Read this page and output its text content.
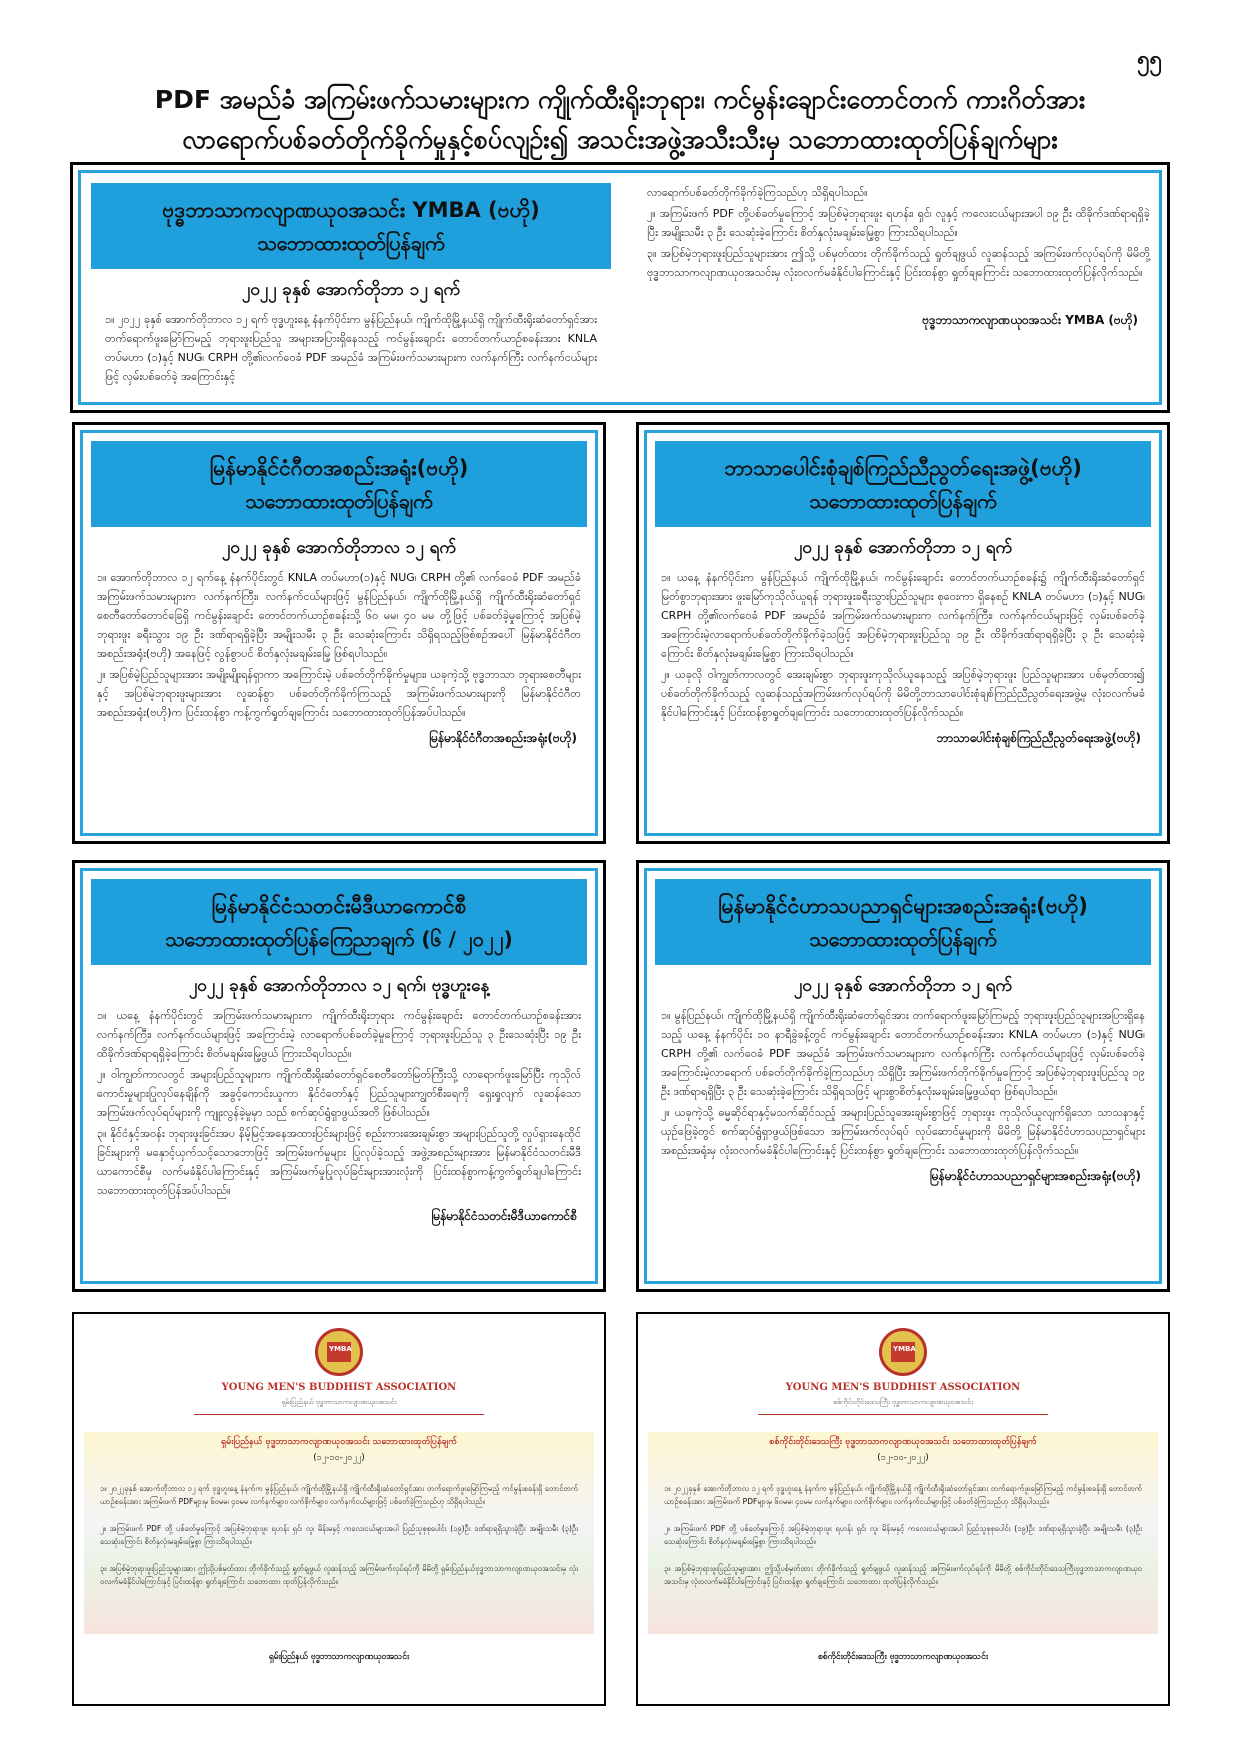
၅၅
PDF အမည်ခံ အကြမ်းဖက်သမားများက ကျိုက်ထီးရိုးဘုရား၊ ကင်မွန်းချောင်းတောင်တက် ကားဂိတ်အား
လာရောက်ပစ်ခတ်တိုက်ခိုက်မှုနှင့်စပ်လျဉ်း၍ အသင်းအဖွဲ့အသီးသီးမှ သဘောထားထုတ်ပြန်ချက်များ
ဗုဒ္ဓဘာသာကလျာဏယုဝအသင်း YMBA (ဗဟို)
သဘောထားထုတ်ပြန်ချက်
၂၀၂၂ ခုနှစ် အောက်တိုဘာ ၁၂ ရက်

၁။ ၂၀၂၂ ခုနှစ် အောက်တိုဘာလ ၁၂ ရက် ဗုဒ္ဓဟူးနေ့ နံနက်ပိုင်းက မွန်ပြည်နယ်၊ ကျိုက်ထိုမြို့နယ်ရှိ ကျိုက်ထီးရိုးဆံတော်ရှင်အား တက်ရောက်ဖူးမြော်ကြမည့် ဘုရားဖူးပြည်သူ အများအပြားရှိနေသည့် ကင်မွန်းချောင်း တောင်တက်ယာဉ်စခန်းအား KNLA တပ်မဟာ (၁)နှင့် NUG၊ CRPH တို့၏လက်ဝေခံ PDF အမည်ခံ အကြမ်းဖက်သမားများက လက်နက်ကြီး လက်နက်ငယ်များဖြင့် လှမ်းပစ်ခတ်ခဲ့ အကြောင်းနှင့်

လာရောက်ပစ်ခတ်တိုက်ခိုက်ခဲ့ကြသည်ဟု သိရှိရပါသည်။

၂။ အကြမ်းဖက် PDF တို့ပစ်ခတ်မှုကြောင့် အပြစ်မဲ့ဘုရားဖူး ရဟန်း၊ ရှင်၊ လူနှင့် ကလေးငယ်များအပါ ၁၉ ဦး ထိခိုက်ဒဏ်ရာရရှိခဲ့ပြီး အမျိုးသမီး ၃ ဦး သေဆုံးခဲ့ကြောင်း စိတ်နှလုံးမချမ်းမြေ့စွာ ကြားသိရပါသည်။

၃။ အပြစ်မဲ့ဘုရားဖူးပြည်သူများအား ဤသို့ ပစ်မှတ်ထား တိုက်ခိုက်သည့် ရှုတ်ချဖွယ် လူဆန်သည့် အကြမ်းဖက်လုပ်ရပ်ကို မိမိတို့ဗုဒ္ဓဘာသာကလျာဏယုဝအသင်းမှ လုံးဝလက်မခံနိုင်ပါကြောင်းနှင့် ပြင်းထန်စွာ ရှုတ်ချကြောင်း သဘောထားထုတ်ပြန်လိုက်သည်။

ဗုဒ္ဓဘာသာကလျာဏယုဝအသင်း YMBA (ဗဟို)
မြန်မာနိုင်ငံဂီတအစည်းအရုံး(ဗဟို)
သဘောထားထုတ်ပြန်ချက်
၂၀၂၂ ခုနှစ် အောက်တိုဘာလ ၁၂ ရက်

၁။ အောက်တိုဘာလ ၁၂ ရက်နေ့ နံနက်ပိုင်းတွင် KNLA တပ်မဟာ(၁)နှင့် NUG၊ CRPH တို့၏ လက်ဝေခံ PDF အမည်ခံ အကြမ်းဖက်သမားများက လက်နက်ကြီး၊ လက်နက်ငယ်များဖြင့် မွန်ပြည်နယ်၊ ကျိုက်ထိုမြို့နယ်ရှိ ကျိုက်ထီးရိုးဆံတော်ရှင်စေတီတော်တောင်ခြေရှိ ကင်မွန်းချောင်း တောင်တက်ယာဉ်စခန်းသို့ ၆၀ မမ၊ ၄၀ မမ တို့ဖြင့် ပစ်ခတ်ခဲ့မှုကြောင့် အပြစ်မဲ့ ဘုရားဖူး ခရီးသွား ၁၉ ဦး ဒဏ်ရာရရှိခဲ့ပြီး အမျိုးသမီး ၃ ဦး သေဆုံးကြောင်း သိရှိရသည့်ဖြစ်စဉ်အပေါ် မြန်မာနိုင်ငံဂီတအစည်းအရုံး(ဗဟို) အနေဖြင့် လွန်စွာပင် စိတ်နှလုံးမချမ်းမြေ့ ဖြစ်ရပါသည်။

၂။ အပြစ်မဲ့ပြည်သူများအား အမျိုးမျိုးရန်ရှာကာ အကြောင်းမဲ့ ပစ်ခတ်တိုက်ခိုက်မှုများ၊ ယခုကဲ့သို့ ဗုဒ္ဓဘာသာ ဘုရားစေတီများနှင့် အပြစ်မဲ့ဘုရားဖူးများအား လူဆန်စွာ ပစ်ခတ်တိုက်ခိုက်ကြသည့် အကြမ်းဖက်သမားများကို မြန်မာနိုင်ငံဂီတအစည်းအရုံး(ဗဟို)က ပြင်းထန်စွာ ကန့်ကွက်ရှုတ်ချကြောင်း သဘောထားထုတ်ပြန်အပ်ပါသည်။

မြန်မာနိုင်ငံဂီတအစည်းအရုံး(ဗဟို)
ဘာသာပေါင်းစုံချစ်ကြည်ညီညွတ်ရေးအဖွဲ့(ဗဟို)
သဘောထားထုတ်ပြန်ချက်
၂၀၂၂ ခုနှစ် အောက်တိုဘာ ၁၂ ရက်

၁။ ယနေ့ နံနက်ပိုင်းက မွန်ပြည်နယ် ကျိုက်ထိုမြို့နယ်၊ ကင်မွန်းချောင်း တောင်တက်ယာဉ်စခန်း၌ ကျိုက်ထီးရိုးဆံတော်ရှင်မြတ်စွာဘုရားအား ဖူးမြော်ကုသိုလ်ယူရန် ဘုရားဖူးခရီးသွားပြည်သူများ စုဝေးကာ ရှိနေစဉ် KNLA တပ်မဟာ (၁)နှင့် NUG၊ CRPH တို့၏လက်ဝေခံ PDF အမည်ခံ အကြမ်းဖက်သမားများက လက်နက်ကြီး၊ လက်နက်ငယ်များဖြင့် လှမ်းပစ်ခတ်ခဲ့ အကြောင်းမဲ့လာရောက်ပစ်ခတ်တိုက်ခိုက်ခဲ့သဖြင့် အပြစ်မဲ့ဘုရားဖူးပြည်သူ ၁၉ ဦး ထိခိုက်ဒဏ်ရာရရှိခဲ့ပြီး ၃ ဦး သေဆုံးခဲ့ကြောင်း စိတ်နှလုံးမချမ်းမြေ့စွာ ကြားသိရပါသည်။

၂။ ယခုလို ဝါကျွတ်ကာလတွင် အေးချမ်းစွာ ဘုရားဖူးကုသိုလ်ယူနေသည့် အပြစ်မဲ့ဘုရားဖူး ပြည်သူများအား ပစ်မှတ်ထား၍ ပစ်ခတ်တိုက်ခိုက်သည့် လူဆန်သည့်အကြမ်းဖက်လုပ်ရပ်ကို မိမိတို့ဘာသာပေါင်းစုံချစ်ကြည်ညီညွတ်ရေးအဖွဲ့မှ လုံးဝလက်မခံနိုင်ပါကြောင်းနှင့် ပြင်းထန်စွာရှုတ်ချကြောင်း သဘောထားထုတ်ပြန်လိုက်သည်။

ဘာသာပေါင်းစုံချစ်ကြည်ညီညွတ်ရေးအဖွဲ့(ဗဟို)
မြန်မာနိုင်ငံသတင်းမီဒီယာကောင်စီ
သဘောထားထုတ်ပြန်ကြေညာချက် (၆ / ၂၀၂၂)
၂၀၂၂ ခုနှစ် အောက်တိုဘာလ ၁၂ ရက်၊ ဗုဒ္ဓဟူးနေ့

၁။ ယနေ့ နံနက်ပိုင်းတွင် အကြမ်းဖက်သမားများက ကျိုက်ထီးရိုးဘုရား ကင်မွန်းချောင်း တောင်တက်ယာဉ်စခန်းအား လက်နက်ကြီး၊ လက်နက်ငယ်များဖြင့် အကြောင်းမဲ့ လာရောက်ပစ်ခတ်ခဲ့မှုကြောင့် ဘုရားဖူးပြည်သူ ၃ ဦးသေဆုံးပြီး ၁၉ ဦး ထိခိုက်ဒဏ်ရာရရှိခဲ့ကြောင်း စိတ်မချမ်းမြေ့ဖွယ် ကြားသိရပါသည်။

၂။ ဝါကျွတ်ကာလတွင် အများပြည်သူများက ကျိုက်ထီးရိုးဆံတော်ရှင်စေတီတော်မြတ်ကြီးသို့ လာရောက်ဖူးမြော်ပြီး ကုသိုလ်ကောင်းမှုများပြုလုပ်နေချိန်ကို အခွင့်ကောင်းယူကာ နိုင်ငံတော်နှင့် ပြည်သူများကျွတ်စီးရေကို ရှေးရှုလျက် လူဆန်သော အကြမ်းဖက်လုပ်ရပ်များကို ကျူးလွန်ခဲ့မှုမှာ သည် စက်ဆုပ်ရွံရှာဖွယ်အတိ ဖြစ်ပါသည်။

၃။ နိုင်ငံနှင့်အဝန်း ဘုရားဖူးခြင်းအပ နိမ့်မြင့်အနေအထားပြင်းများဖြင့် စည်းကားအေးချမ်းစွာ အများပြည်သူတို့ လှုပ်ရှားနေထိုင်ခြင်းများကို မနှောင့်ယှက်သင့်သောဘောဖြင့် အကြမ်းဖက်မှုများ ပြုလုပ်ခဲ့သည့် အဖွဲ့အစည်းများအား မြန်မာနိုင်ငံသတင်းမီဒီယာကောင်စီမှ လက်မခံနိုင်ပါကြောင်းနှင့် အကြမ်းဖက်မှုပြုလုပ်ခြင်းများအားလုံးကို ပြင်းထန်စွာကန့်ကွက်ရှုတ်ချပါကြောင်း သဘောထားထုတ်ပြန်အပ်ပါသည်။

မြန်မာနိုင်ငံသတင်းမီဒီယာကောင်စီ
မြန်မာနိုင်ငံဟာသပညာရှင်များအစည်းအရုံး(ဗဟို)
သဘောထားထုတ်ပြန်ချက်
၂၀၂၂ ခုနှစ် အောက်တိုဘာ ၁၂ ရက်

၁။ မွန်ပြည်နယ်၊ ကျိုက်ထိုမြို့နယ်ရှိ ကျိုက်ထီးရိုးဆံတော်ရှင်အား တက်ရောက်ဖူးမြော်ကြမည့် ဘုရားဖူးပြည်သူများအပြားရှိနေသည့် ယနေ့ နံနက်ပိုင်း ၁၀ နာရီခွဲခန့်တွင် ကင်မွန်းချောင်း တောင်တက်ယာဉ်စခန်းအား KNLA တပ်မဟာ (၁)နှင့် NUG၊ CRPH တို့၏ လက်ဝေခံ PDF အမည်ခံ အကြမ်းဖက်သမားများက လက်နက်ကြီး လက်နက်ငယ်များဖြင့် လှမ်းပစ်ခတ်ခဲ့ အကြောင်းမဲ့လာရောက် ပစ်ခတ်တိုက်ခိုက်ခဲ့ကြသည်ဟု သိရှိပြီး အကြမ်းဖက်တိုက်ခိုက်မှုကြောင့် အပြစ်မဲ့ဘုရားဖူးပြည်သူ ၁၉ ဦး ဒဏ်ရာရရှိပြီး ၃ ဦး သေဆုံးခဲ့ကြောင်း သိရှိရသဖြင့် များစွာစိတ်နှလုံးမချမ်းမြေ့ဖွယ်ရာ ဖြစ်ရပါသည်။

၂။ ယခုကဲ့သို့ ဓမ္မဆိုင်ရာနှင့်မသက်ဆိုင်သည့် အများပြည်သူအေးချမ်းစွာဖြင့် ဘုရားဖူး ကုသိုလ်ယူလျက်ရှိသော သာသနာနှင့် ယှဉ်ဖြေခဲ့တွင် စက်ဆုပ်ရွံရှာဖွယ်ဖြစ်သော အကြမ်းဖက်လုပ်ရပ် လုပ်ဆောင်မှုများကို မိမိတို့ မြန်မာနိုင်ငံဟာသပညာရှင်များအစည်းအရုံးမှ လုံးဝလက်မခံနိုင်ပါကြောင်းနှင့် ပြင်းထန်စွာ ရှုတ်ချကြောင်း သဘောထားထုတ်ပြန်လိုက်သည်။

မြန်မာနိုင်ငံဟာသပညာရှင်များအစည်းအရုံး(ဗဟို)
YMBA
YOUNG MEN'S BUDDHIST ASSOCIATION
ရှမ်းပြည်နယ် ဗုဒ္ဓဘာသာကလျာဏယုဝအသင်း
ရှမ်းပြည်နယ် ဗုဒ္ဓဘာသာကလျာဏယုဝအသင်း သဘောထားထုတ်ပြန်ချက်
(၁၂-၁၀-၂၀၂၂)

၁။ ၂၀၂၂ခုနှစ် အောက်တိုဘာလ ၁၂ ရက် ဗုဒ္ဓဟူးနေ့ နံနက်က မွန်ပြည်နယ်၊ ကျိုက်ထိုမြို့နယ်ရှိ ကျိုက်ထီးရိုးဆံတော်ရှင်အား တက်ရောက်ဖူးမြော်ကြမည့် ကင်မွန်းစခန်းရှိ တောင်တက်ယာဉ်စခန်းအား အကြမ်းဖက် PDFများမှ ၆၀မမ၊ ၄၀မမ လက်နက်များ၊ လက်စိုက်များ၊ လက်နက်ငယ်များဖြင့် ပစ်ခတ်ခဲ့ကြသည်ဟု သိရှိရပါသည်။

၂။ အကြမ်းဖက် PDF တို့ ပစ်ခတ်မှုကြောင့် အပြစ်မဲ့ဘုရားဖူး ရဟန်း ရှင်၊ လူ၊ မိန်းမနှင့် ကလေးငယ်များအပါ ပြည်သူစုစုပေါင်း (၁၉)ဦး ဒဏ်ရာရရှိသွားခဲ့ပြီး အမျိုးသမီး (၃)ဦး သေဆုံးကြောင်း စိတ်နှလုံးမချမ်းမြေ့စွာ ကြားသိရပါသည်။

၃။ အပြစ်မဲ့ဘုရားဖူးပြည်သူများအား ဤသို့ပစ်မှတ်ထား တိုက်ခိုက်သည့် ရှုတ်ချဖွယ် လူဆန်သည့် အကြမ်းဖက်လုပ်ရပ်ကို မိမိတို့ ရှမ်းပြည်နယ်ဗုဒ္ဓဘာသာကလျာဏယုဝအသင်းမှ လုံးဝလက်မခံနိုင်ပါကြောင်းနှင့် ပြင်းထန်စွာ ရှုတ်ချကြောင်း သဘောထား ထုတ်ပြန်လိုက်သည်။

ရှမ်းပြည်နယ် ဗုဒ္ဓဘာသာကလျာဏယုဝအသင်း
YMBA
YOUNG MEN'S BUDDHIST ASSOCIATION
စစ်ကိုင်းတိုင်းဒေသကြီး ဗုဒ္ဓဘာသာကလျာဏယုဝအသင်း
စစ်ကိုင်းတိုင်းဒေသကြီး ဗုဒ္ဓဘာသာကလျာဏယုဝအသင်း သဘောထားထုတ်ပြန်ချက်
(၁၂-၁၀-၂၀၂၂)

၁။ ၂၀၂၂ခုနှစ် အောက်တိုဘာလ ၁၂ ရက် ဗုဒ္ဓဟူးနေ့ နံနက်က မွန်ပြည်နယ်၊ ကျိုက်ထိုမြို့နယ်ရှိ ကျိုက်ထီးရိုးဆံတော်ရှင်အား တက်ရောက်ဖူးမြော်ကြမည့် ကင်မွန်းစခန်းရှိ တောင်တက်ယာဉ်စခန်းအား အကြမ်းဖက် PDFများမှ ၆၀မမ၊ ၄၀မမ လက်နက်များ၊ လက်စိုက်များ၊ လက်နက်ငယ်များဖြင့် ပစ်ခတ်ခဲ့ကြသည်ဟု သိရှိရပါသည်။

၂။ အကြမ်းဖက် PDF တို့ ပစ်ခတ်မှုကြောင့် အပြစ်မဲ့ဘုရားဖူး ရဟန်း ရှင်၊ လူ၊ မိန်းမနှင့် ကလေးငယ်များအပါ ပြည်သူစုစုပေါင်း (၁၉)ဦး ဒဏ်ရာရရှိသွားခဲ့ပြီး အမျိုးသမီး (၃)ဦး သေဆုံးကြောင်း စိတ်နှလုံးမချမ်းမြေ့စွာ ကြားသိရပါသည်။

၃။ အပြစ်မဲ့ဘုရားဖူးပြည်သူများအား ဤသို့ပစ်မှတ်ထား တိုက်ခိုက်သည့် ရှုတ်ချဖွယ် လူဆန်သည့် အကြမ်းဖက်လုပ်ရပ်ကို မိမိတို့ စစ်ကိုင်းတိုင်းဒေသကြီးဗုဒ္ဓဘာသာကလျာဏယုဝအသင်းမှ လုံးဝလက်မခံနိုင်ပါကြောင်းနှင့် ပြင်းထန်စွာ ရှုတ်ချကြောင်း သဘောထား ထုတ်ပြန်လိုက်သည်။

စစ်ကိုင်းတိုင်းဒေသကြီး ဗုဒ္ဓဘာသာကလျာဏယုဝအသင်း
